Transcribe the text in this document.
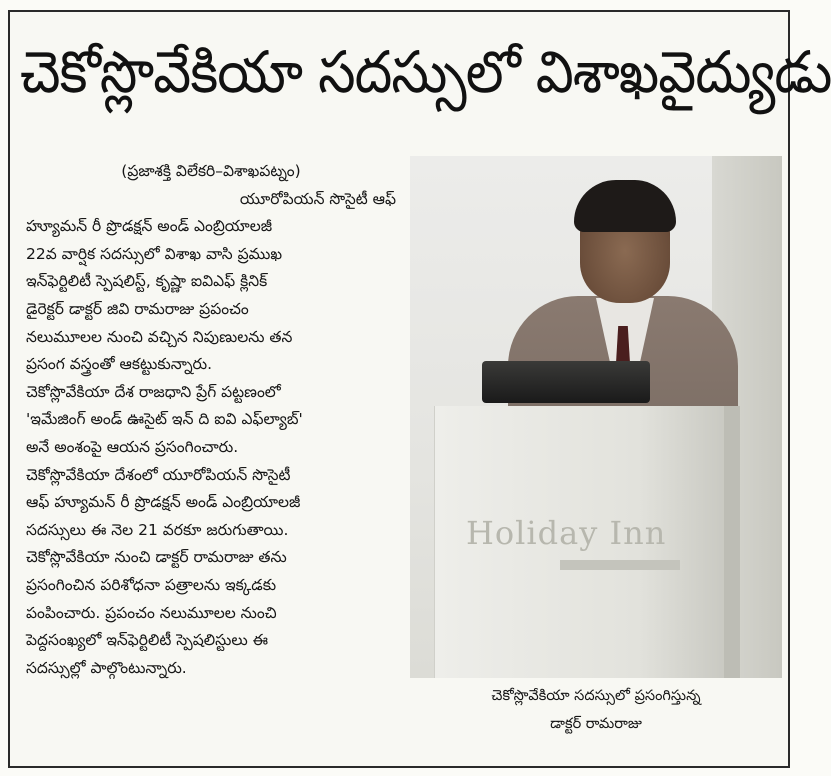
చెకోస్లొవేకియా సదస్సులో విశాఖవైద్యుడు
(ప్రజాశక్తి విలేకరి–విశాఖపట్నం)
యూరోపియన్ సొసైటీ ఆఫ్
హ్యూమన్ రీ ప్రొడక్షన్ అండ్ ఎంబ్రియాలజీ
22వ వార్షిక సదస్సులో విశాఖ వాసి ప్రముఖ
ఇన్‌ఫెర్టిలిటీ స్పెషలిస్ట్, కృష్ణా ఐవిఎఫ్ క్లినిక్
డైరెక్టర్ డాక్టర్ జివి రామరాజు ప్రపంచం
నలుమూలల నుంచి వచ్చిన నిపుణులను తన
ప్రసంగ వస్త్రంతో ఆకట్టుకున్నారు.
చెకోస్లొవేకియా దేశ రాజధాని ప్రేగ్ పట్టణంలో
'ఇమేజింగ్ అండ్ ఊసైట్ ఇన్ ది ఐవి ఎఫ్‌ల్యాబ్'
అనే అంశంపై ఆయన ప్రసంగించారు.
చెకోస్లొవేకియా దేశంలో యూరోపియన్ సొసైటీ
ఆఫ్ హ్యూమన్ రీ ప్రొడక్షన్ అండ్ ఎంబ్రియాలజీ
సదస్సులు ఈ నెల 21 వరకూ జరుగుతాయి.
చెకోస్లొవేకియా నుంచి డాక్టర్ రామరాజు తను
ప్రసంగించిన పరిశోధనా పత్రాలను ఇక్కడకు
పంపించారు. ప్రపంచం నలుమూలల నుంచి
పెద్దసంఖ్యలో ఇన్‌ఫెర్టిలిటీ స్పెషలిస్టులు ఈ
సదస్సుల్లో పాల్గొంటున్నారు.
Holiday Inn
చెకోస్లొవేకియా సదస్సులో ప్రసంగిస్తున్న
డాక్టర్ రామరాజు
